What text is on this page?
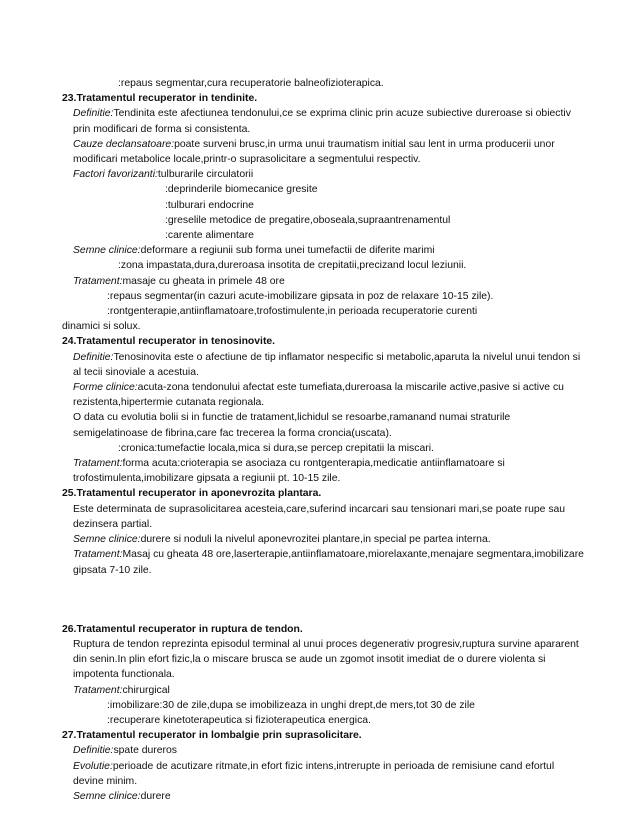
:repaus segmentar,cura recuperatorie balneofizioterapica.
23.Tratamentul recuperator in tendinite.
Definitie:Tendinita este afectiunea tendonului,ce se exprima clinic prin acuze subiective dureroase si obiectiv prin modificari de forma si consistenta.
Cauze declansatoare:poate surveni brusc,in urma unui traumatism initial sau lent in urma producerii unor modificari metabolice locale,printr-o suprasolicitare a segmentului respectiv.
Factori favorizanti:tulburarile circulatorii
:deprinderile biomecanice gresite
:tulburari endocrine
:greselile metodice de pregatire,oboseala,supraantrenamentul
:carente alimentare
Semne clinice:deformare a regiunii sub forma unei tumefactii de diferite marimi
:zona impastata,dura,dureroasa insotita de crepitatii,precizand locul leziunii.
Tratament:masaje cu gheata in primele 48 ore
:repaus segmentar(in cazuri acute-imobilizare gipsata in poz de relaxare 10-15 zile).
:rontgenterapie,antiinflamatoare,trofostimulente,in perioada recuperatorie curenti
dinamici si solux.
24.Tratamentul recuperator in tenosinovite.
Definitie:Tenosinovita este o afectiune de tip inflamator nespecific si metabolic,aparuta la nivelul unui tendon si al tecii sinoviale a acestuia.
Forme clinice:acuta-zona tendonului afectat este tumefiata,dureroasa la miscarile active,pasive si active cu rezistenta,hipertermie cutanata regionala.
O data cu evolutia bolii si in functie de tratament,lichidul se resoarbe,ramanand numai straturile semigelatinoase de fibrina,care fac trecerea la forma croncia(uscata).
:cronica:tumefactie locala,mica si dura,se percep crepitatii la miscari.
Tratament:forma acuta:crioterapia se asociaza cu rontgenterapia,medicatie antiinflamatoare si trofostimulenta,imobilizare gipsata a regiunii pt. 10-15 zile.
25.Tratamentul recuperator in aponevrozita plantara.
Este determinata de suprasolicitarea acesteia,care,suferind incarcari sau tensionari mari,se poate rupe sau dezinsera partial.
Semne clinice:durere si noduli la nivelul aponevrozitei plantare,in special pe partea interna.
Tratament:Masaj cu gheata 48 ore,laserterapie,antiinflamatoare,miorelaxante,menajare segmentara,imobilizare gipsata 7-10 zile.
26.Tratamentul recuperator in ruptura de tendon.
Ruptura de tendon reprezinta episodul terminal al unui proces degenerativ progresiv,ruptura survine apararent din senin.In plin efort fizic,la o miscare brusca se aude un zgomot insotit imediat de o durere violenta si impotenta functionala.
Tratament:chirurgical
:imobilizare:30 de zile,dupa se imobilizeaza in unghi drept,de mers,tot 30 de zile
:recuperare kinetoterapeutica si fizioterapeutica energica.
27.Tratamentul recuperator in lombalgie prin suprasolicitare.
Definitie:spate dureros
Evolutie:perioade de acutizare ritmate,in efort fizic intens,intrerupte in perioada de remisiune cand efortul devine minim.
Semne clinice:durere
